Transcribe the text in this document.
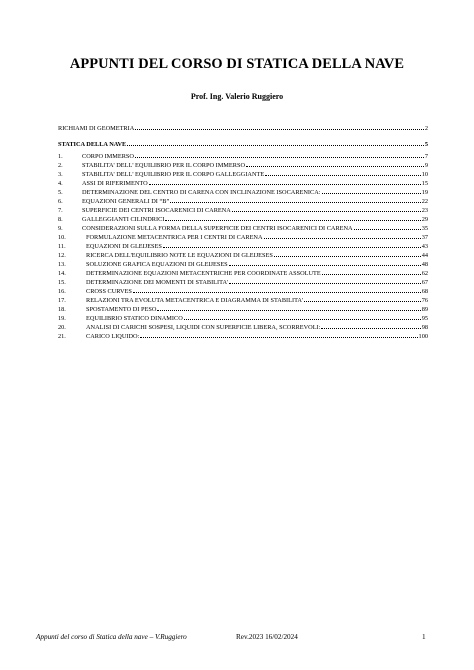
APPUNTI DEL CORSO DI STATICA DELLA NAVE
Prof. Ing. Valerio Ruggiero
RICHIAMI DI GEOMETRIA	2
STATICA DELLA NAVE	5
1.	CORPO IMMERSO	7
2.	STABILITA' DELL' EQUILIBRIO PER IL CORPO IMMERSO	9
3.	STABILITA' DELL' EQUILIBRIO PER IL CORPO GALLEGGIANTE	10
4.	ASSI DI RIFERIMENTO	15
5.	DETERMINAZIONE DEL CENTRO DI CARENA CON INCLINAZIONE ISOCARENICA:	19
6.	EQUAZIONI GENERALI DI “B”	22
7.	SUPERFICIE DEI CENTRI ISOCARENICI DI CARENA	23
8.	GALLEGGIANTI CILINDRICI	29
9.	CONSIDERAZIONI SULLA FORMA DELLA SUPERFICIE DEI CENTRI ISOCARENICI DI CARENA	35
10.	FORMULAZIONE METACENTRICA PER I CENTRI DI CARENA	37
11.	EQUAZIONI DI GLEIJESES	43
12.	RICERCA DELL'EQUILIBRIO NOTE LE EQUAZIONI DI GLEIJESES	44
13.	SOLUZIONE GRAFICA EQUAZIONI DI GLEIJESES	48
14.	DETERMINAZIONE EQUAZIONI METACENTRICHE PER COORDINATE ASSOLUTE	62
15.	DETERMINAZIONE DEI MOMENTI DI STABILITA'	67
16.	CROSS CURVES	68
17.	RELAZIONI TRA EVOLUTA METACENTRICA E DIAGRAMMA DI STABILITA'	76
18.	SPOSTAMENTO DI PESO	89
19.	EQUILIBRIO STATICO DINAMICO	95
20.	ANALISI DI CARICHI SOSPESI, LIQUIDI CON SUPERFICIE LIBERA, SCORREVOLI:	98
21.	CARICO LIQUIDO:	100
Appunti del corso di Statica della nave – V.Ruggiero	Rev.2023 16/02/2024	1
